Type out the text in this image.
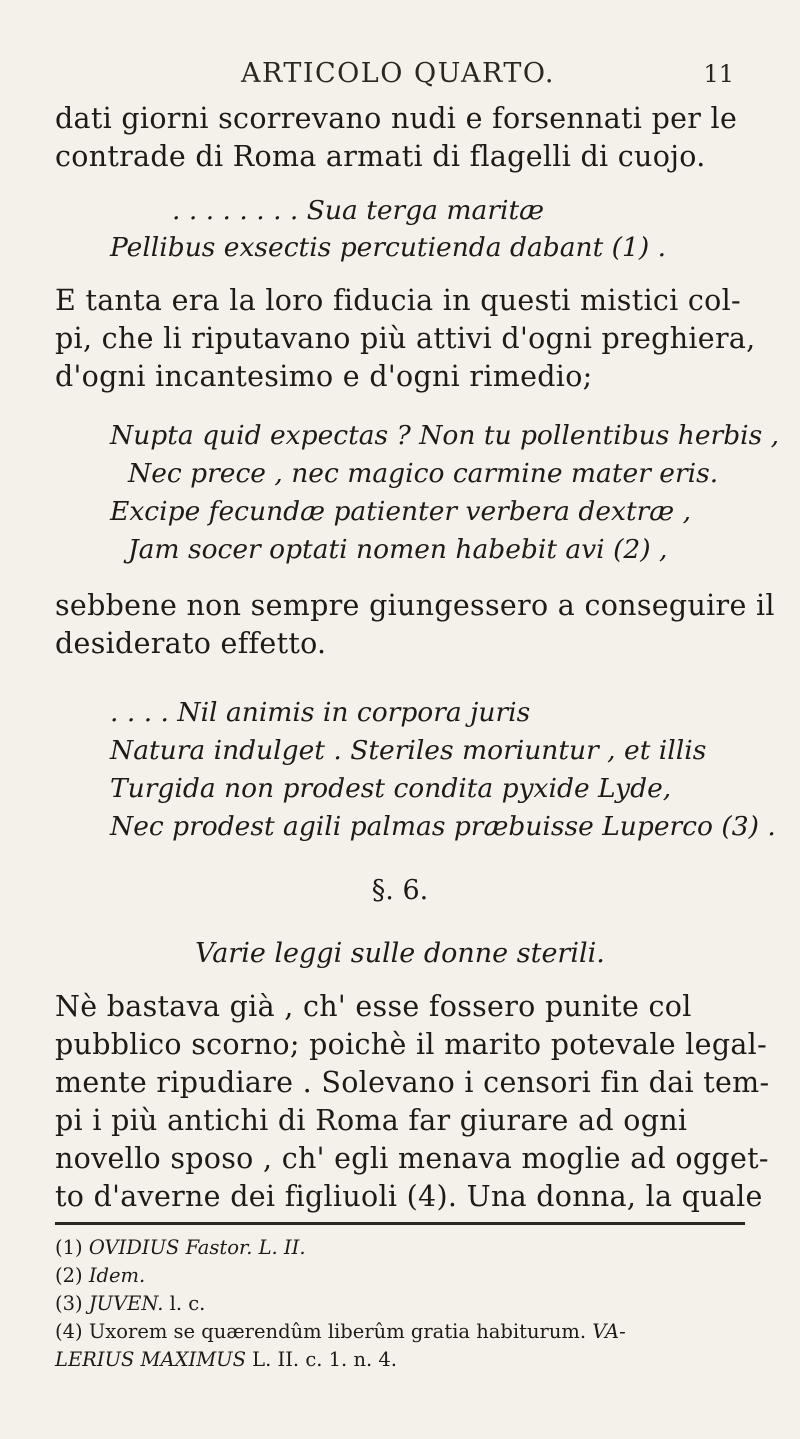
ARTICOLO QUARTO.	11
dati giorni scorrevano nudi e forsennati per le
contrade di Roma armati di flagelli di cuojo.
. . . . . . . . Sua terga maritæ
Pellibus exsectis percutienda dabant (1) .
E tanta era la loro fiducia in questi mistici col-
pi, che li riputavano più attivi d'ogni preghiera,
d'ogni incantesimo e d'ogni rimedio;
Nupta quid expectas ? Non tu pollentibus herbis ,
Nec prece , nec magico carmine mater eris.
Excipe fecundæ patienter verbera dextræ ,
Jam socer optati nomen habebit avi (2) ,
sebbene non sempre giungessero a conseguire il
desiderato effetto.
. . . . Nil animis in corpora juris
Natura indulget . Steriles moriuntur , et illis
Turgida non prodest condita pyxide Lyde,
Nec prodest agili palmas præbuisse Luperco (3) .
§. 6.
Varie leggi sulle donne sterili.
Nè bastava già , ch' esse fossero punite col
pubblico scorno; poichè il marito potevale legal-
mente ripudiare . Solevano i censori fin dai tem-
pi i più antichi di Roma far giurare ad ogni
novello sposo , ch' egli menava moglie ad ogget-
to d'averne dei figliuoli (4). Una donna, la quale
(1) OVIDIUS Fastor. L. II.
(2) Idem.
(3) JUVEN. l. c.
(4) Uxorem se quærendûm liberûm gratia habiturum. VA-
LERIUS MAXIMUS L. II. c. 1. n. 4.
